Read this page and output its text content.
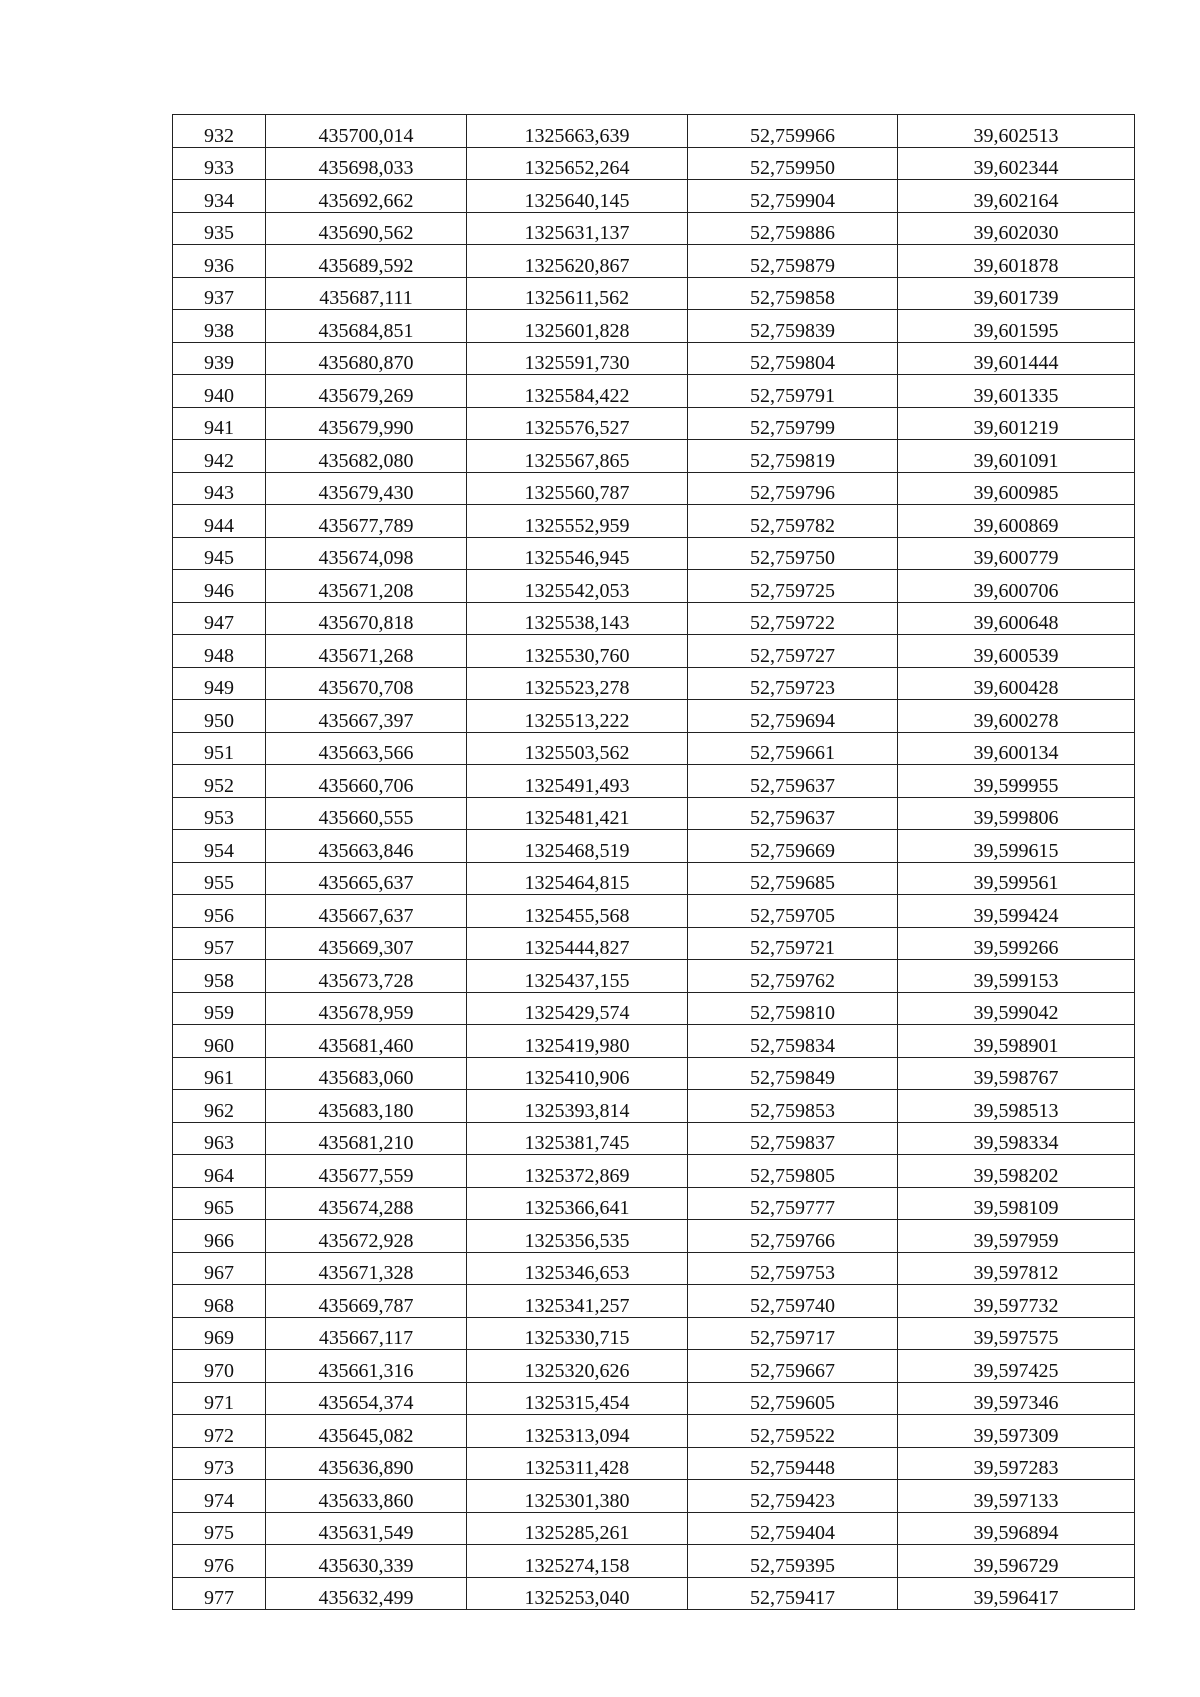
932	435700,014	1325663,639	52,759966	39,602513
933	435698,033	1325652,264	52,759950	39,602344
934	435692,662	1325640,145	52,759904	39,602164
935	435690,562	1325631,137	52,759886	39,602030
936	435689,592	1325620,867	52,759879	39,601878
937	435687,111	1325611,562	52,759858	39,601739
938	435684,851	1325601,828	52,759839	39,601595
939	435680,870	1325591,730	52,759804	39,601444
940	435679,269	1325584,422	52,759791	39,601335
941	435679,990	1325576,527	52,759799	39,601219
942	435682,080	1325567,865	52,759819	39,601091
943	435679,430	1325560,787	52,759796	39,600985
944	435677,789	1325552,959	52,759782	39,600869
945	435674,098	1325546,945	52,759750	39,600779
946	435671,208	1325542,053	52,759725	39,600706
947	435670,818	1325538,143	52,759722	39,600648
948	435671,268	1325530,760	52,759727	39,600539
949	435670,708	1325523,278	52,759723	39,600428
950	435667,397	1325513,222	52,759694	39,600278
951	435663,566	1325503,562	52,759661	39,600134
952	435660,706	1325491,493	52,759637	39,599955
953	435660,555	1325481,421	52,759637	39,599806
954	435663,846	1325468,519	52,759669	39,599615
955	435665,637	1325464,815	52,759685	39,599561
956	435667,637	1325455,568	52,759705	39,599424
957	435669,307	1325444,827	52,759721	39,599266
958	435673,728	1325437,155	52,759762	39,599153
959	435678,959	1325429,574	52,759810	39,599042
960	435681,460	1325419,980	52,759834	39,598901
961	435683,060	1325410,906	52,759849	39,598767
962	435683,180	1325393,814	52,759853	39,598513
963	435681,210	1325381,745	52,759837	39,598334
964	435677,559	1325372,869	52,759805	39,598202
965	435674,288	1325366,641	52,759777	39,598109
966	435672,928	1325356,535	52,759766	39,597959
967	435671,328	1325346,653	52,759753	39,597812
968	435669,787	1325341,257	52,759740	39,597732
969	435667,117	1325330,715	52,759717	39,597575
970	435661,316	1325320,626	52,759667	39,597425
971	435654,374	1325315,454	52,759605	39,597346
972	435645,082	1325313,094	52,759522	39,597309
973	435636,890	1325311,428	52,759448	39,597283
974	435633,860	1325301,380	52,759423	39,597133
975	435631,549	1325285,261	52,759404	39,596894
976	435630,339	1325274,158	52,759395	39,596729
977	435632,499	1325253,040	52,759417	39,596417
